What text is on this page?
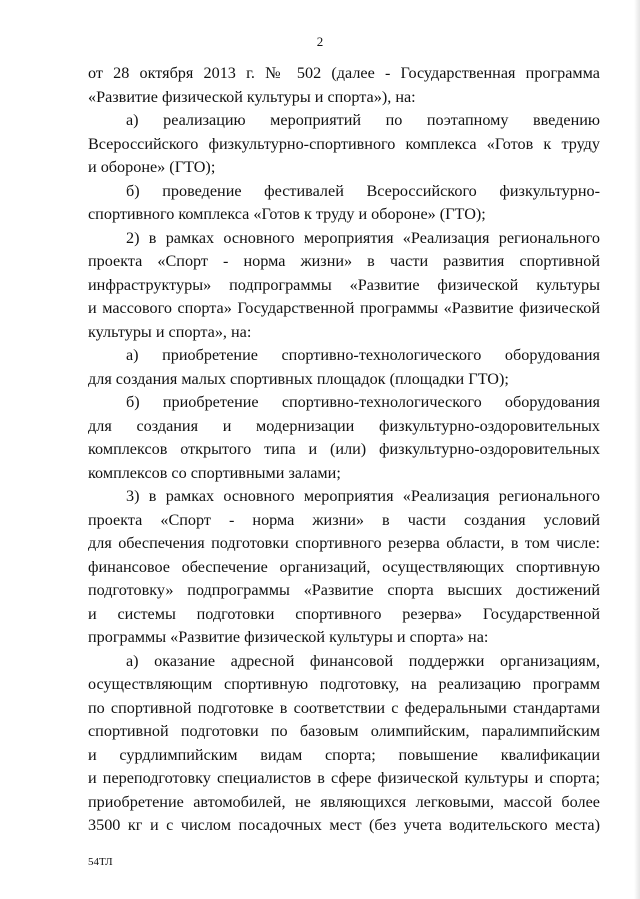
2
от 28 октября 2013 г. № 502 (далее - Государственная программа
«Развитие физической культуры и спорта»), на:
а) реализацию мероприятий по поэтапному введению
Всероссийского физкультурно-спортивного комплекса «Готов к труду
и обороне» (ГТО);
б) проведение фестивалей Всероссийского физкультурно-
спортивного комплекса «Готов к труду и обороне» (ГТО);
2) в рамках основного мероприятия «Реализация регионального
проекта «Спорт - норма жизни» в части развития спортивной
инфраструктуры» подпрограммы «Развитие физической культуры
и массового спорта» Государственной программы «Развитие физической
культуры и спорта», на:
а) приобретение спортивно-технологического оборудования
для создания малых спортивных площадок (площадки ГТО);
б) приобретение спортивно-технологического оборудования
для создания и модернизации физкультурно-оздоровительных
комплексов открытого типа и (или) физкультурно-оздоровительных
комплексов со спортивными залами;
3) в рамках основного мероприятия «Реализация регионального
проекта «Спорт - норма жизни» в части создания условий
для обеспечения подготовки спортивного резерва области, в том числе:
финансовое обеспечение организаций, осуществляющих спортивную
подготовку» подпрограммы «Развитие спорта высших достижений
и системы подготовки спортивного резерва» Государственной
программы «Развитие физической культуры и спорта» на:
а) оказание адресной финансовой поддержки организациям,
осуществляющим спортивную подготовку, на реализацию программ
по спортивной подготовке в соответствии с федеральными стандартами
спортивной подготовки по базовым олимпийским, паралимпийским
и сурдлимпийским видам спорта; повышение квалификации
и переподготовку специалистов в сфере физической культуры и спорта;
приобретение автомобилей, не являющихся легковыми, массой более
3500 кг и с числом посадочных мест (без учета водительского места)
54ТЛ
